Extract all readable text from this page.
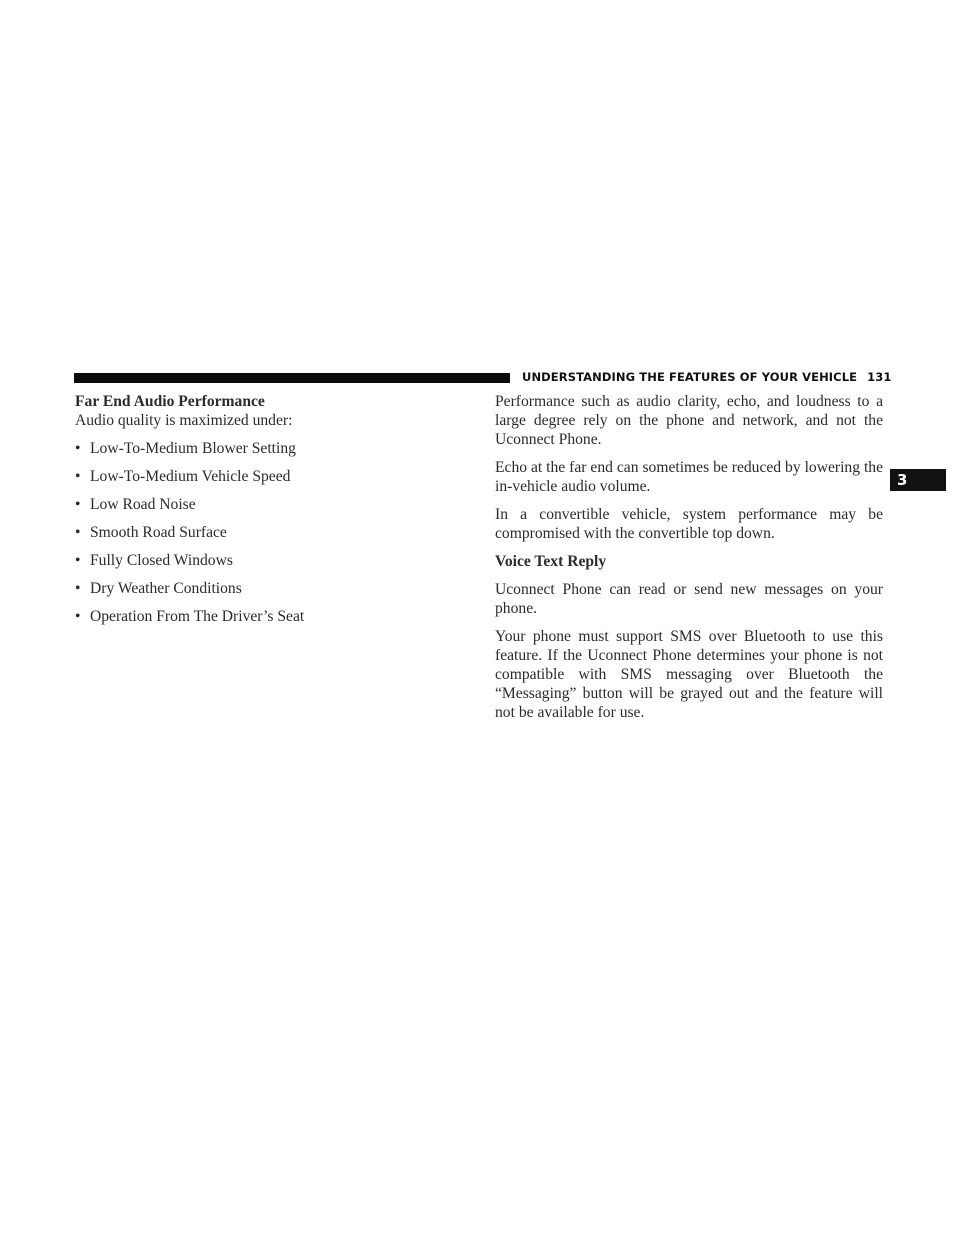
UNDERSTANDING THE FEATURES OF YOUR VEHICLE 131
3

Far End Audio Performance

Audio quality is maximized under:

• Low-To-Medium Blower Setting
• Low-To-Medium Vehicle Speed
• Low Road Noise
• Smooth Road Surface
• Fully Closed Windows
• Dry Weather Conditions
• Operation From The Driver’s Seat

Performance such as audio clarity, echo, and loudness to a large degree rely on the phone and network, and not the Uconnect Phone.

Echo at the far end can sometimes be reduced by lowering the in-vehicle audio volume.

In a convertible vehicle, system performance may be compromised with the convertible top down.

Voice Text Reply

Uconnect Phone can read or send new messages on your phone.

Your phone must support SMS over Bluetooth to use this feature. If the Uconnect Phone determines your phone is not compatible with SMS messaging over Bluetooth the “Messaging” button will be grayed out and the feature will not be available for use.
